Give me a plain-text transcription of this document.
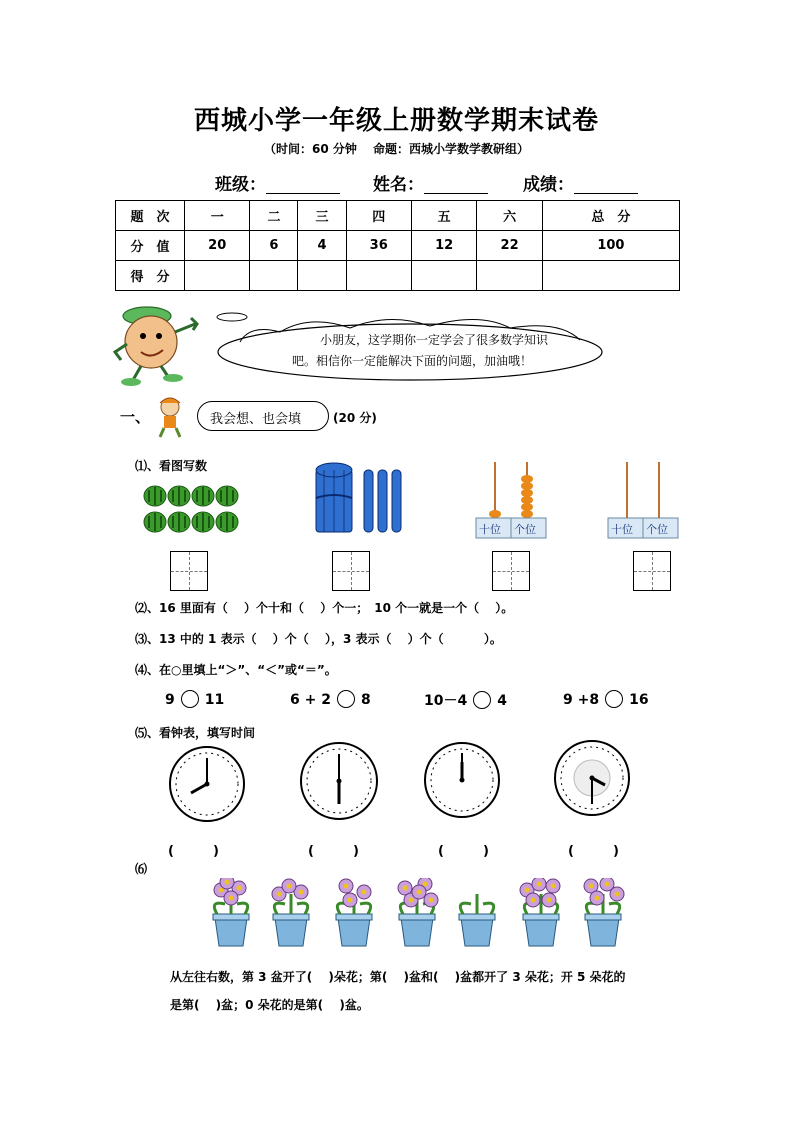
西城小学一年级上册数学期末试卷
（时间：60 分钟　 命题：西城小学数学教研组）
班级：	姓名：	成绩：
题　次	一	二	三	四	五	六	总　分
分　值	20	6	4	36	12	22	100
得　分							
小朋友，这学期你一定学会了很多数学知识
吧。相信你一定能解决下面的问题，加油哦！
一、	我会想、也会填	(20 分)
⑴、看图写数
十位 个位	十位 个位
⑵、16 里面有（　 ）个十和（　 ）个一；　10 个一就是一个（　 ）。
⑶、13 中的 1 表示（　 ）个（　 ），3 表示（　 ）个（　　　 ）。
⑷、在○里填上“＞”、“＜”或“＝”。
9 11	6 + 2 8	10－4 4	9 +8 16
⑸、看钟表，填写时间
(　　　)	(　　　)	(　　　)	(　　　)
⑹
从左往右数，第 3 盆开了(　 )朵花；第(　 )盆和(　 )盆都开了 3 朵花；开 5 朵花的
是第(　 )盆；0 朵花的是第(　 )盆。
